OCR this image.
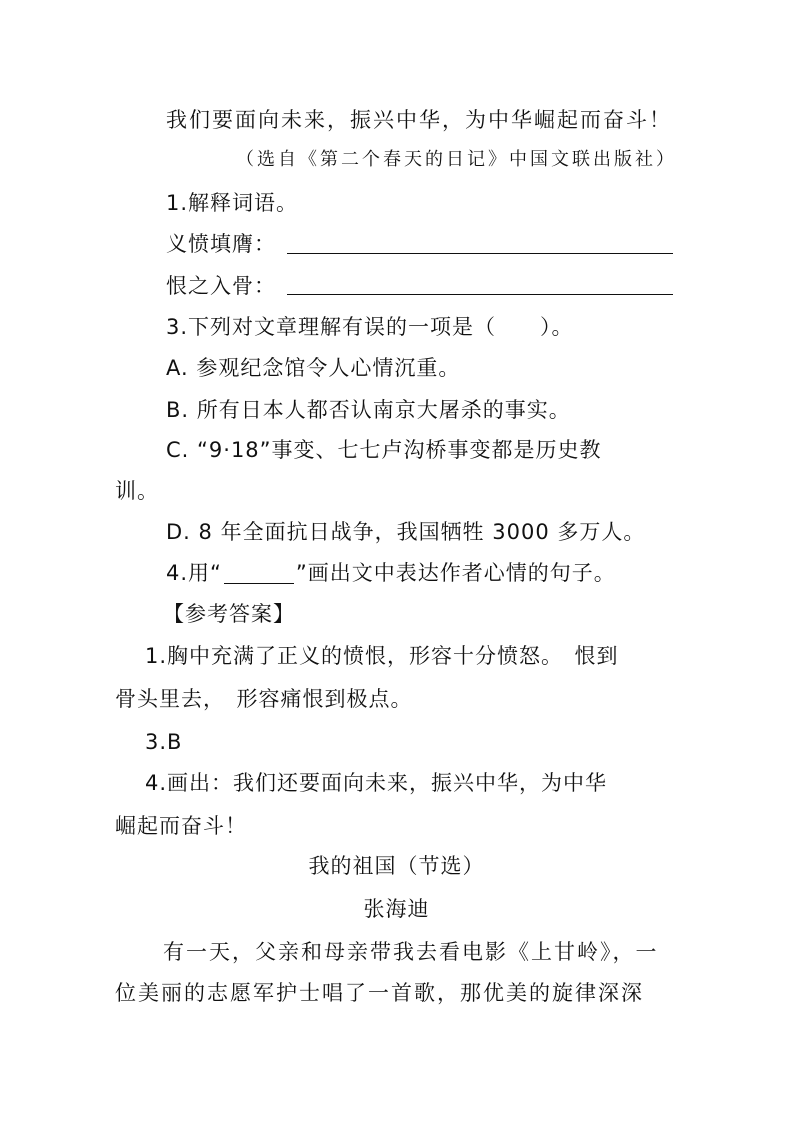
我们要面向未来，振兴中华，为中华崛起而奋斗！
（选自《第二个春天的日记》中国文联出版社）
1.解释词语。
义愤填膺：
恨之入骨：
3.下列对文章理解有误的一项是（　　）。
A. 参观纪念馆令人心情沉重。
B. 所有日本人都否认南京大屠杀的事实。
C. “9·18”事变、七七卢沟桥事变都是历史教
训。
D. 8 年全面抗日战争，我国牺牲 3000 多万人。
4.用“	”画出文中表达作者心情的句子。
【参考答案】
1.胸中充满了正义的愤恨，形容十分愤怒。　恨到
骨头里去，　形容痛恨到极点。
3.B
4.画出：我们还要面向未来，振兴中华，为中华
崛起而奋斗！
我的祖国（节选）
张海迪
有一天，父亲和母亲带我去看电影《上甘岭》，一
位美丽的志愿军护士唱了一首歌，那优美的旋律深深
